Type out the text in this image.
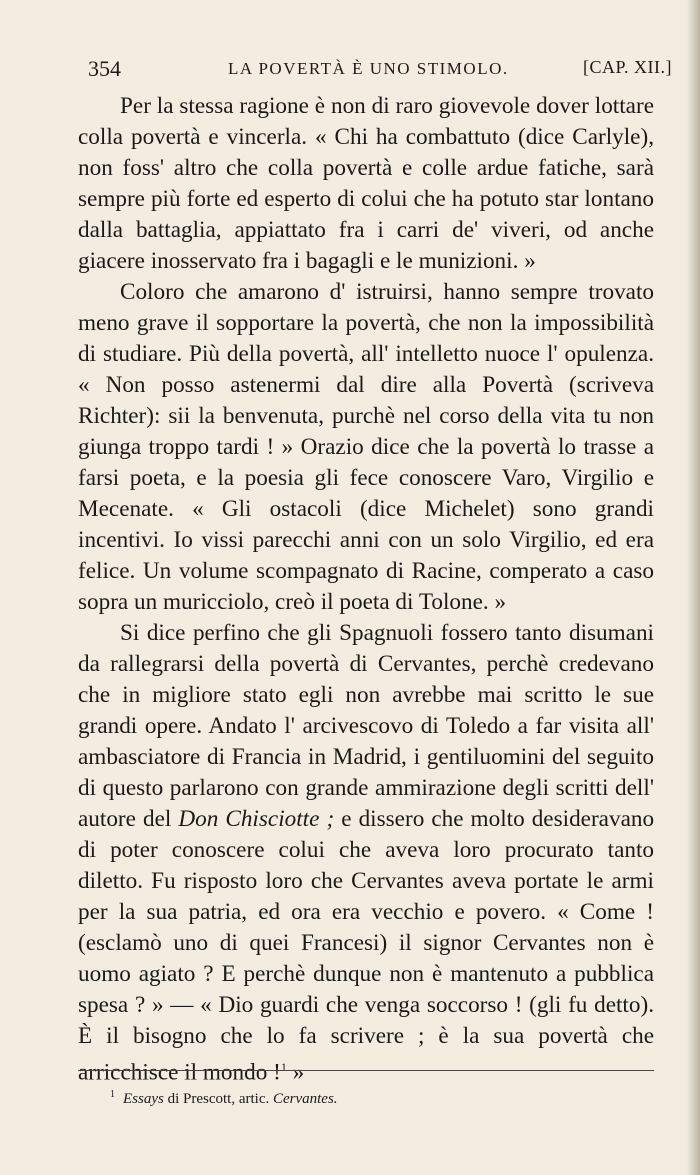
354	LA POVERTÀ È UNO STIMOLO.	[CAP. XII.]

Per la stessa ragione è non di raro giovevole dover lottare colla povertà e vincerla. « Chi ha combattuto (dice Carlyle), non foss' altro che colla povertà e colle ardue fatiche, sarà sempre più forte ed esperto di colui che ha potuto star lontano dalla battaglia, appiattato fra i carri de' viveri, od anche giacere inosservato fra i bagagli e le munizioni. »

Coloro che amarono d' istruirsi, hanno sempre trovato meno grave il sopportare la povertà, che non la impossibilità di studiare. Più della povertà, all' intelletto nuoce l' opulenza. « Non posso astenermi dal dire alla Povertà (scriveva Richter): sii la benvenuta, purchè nel corso della vita tu non giunga troppo tardi ! » Orazio dice che la povertà lo trasse a farsi poeta, e la poesia gli fece conoscere Varo, Virgilio e Mecenate. « Gli ostacoli (dice Michelet) sono grandi incentivi. Io vissi parecchi anni con un solo Virgilio, ed era felice. Un volume scompagnato di Racine, comperato a caso sopra un muricciolo, creò il poeta di Tolone. »

Si dice perfino che gli Spagnuoli fossero tanto disumani da rallegrarsi della povertà di Cervantes, perchè credevano che in migliore stato egli non avrebbe mai scritto le sue grandi opere. Andato l' arcivescovo di Toledo a far visita all' ambasciatore di Francia in Madrid, i gentiluomini del seguito di questo parlarono con grande ammirazione degli scritti dell' autore del Don Chisciotte ; e dissero che molto desideravano di poter conoscere colui che aveva loro procurato tanto diletto. Fu risposto loro che Cervantes aveva portate le armi per la sua patria, ed ora era vecchio e povero. « Come ! (esclamò uno di quei Francesi) il signor Cervantes non è uomo agiato ? E perchè dunque non è mantenuto a pubblica spesa ? » — « Dio guardi che venga soccorso ! (gli fu detto). È il bisogno che lo fa scrivere ; è la sua povertà che arricchisce il mondo !$^1$ »

$^1$ Essays di Prescott, artic. Cervantes.
